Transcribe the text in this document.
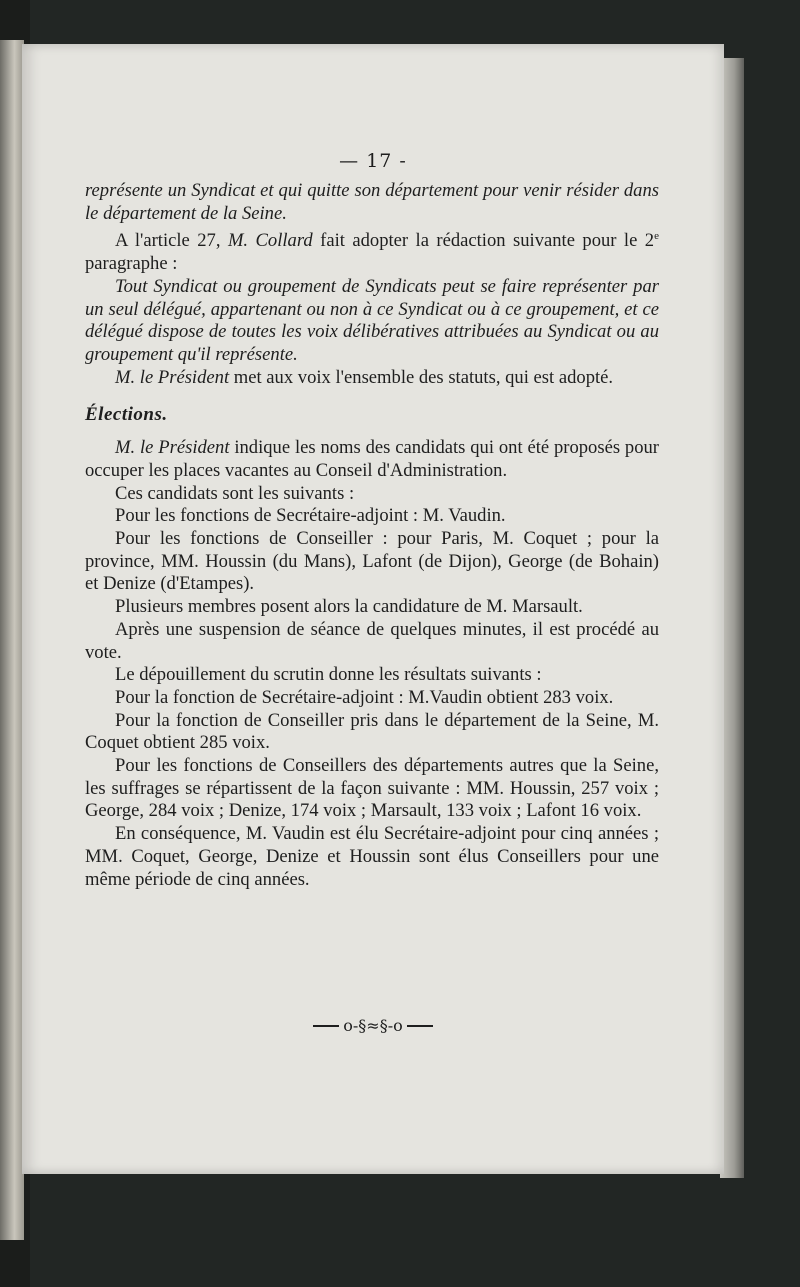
— 17 -

représente un Syndicat et qui quitte son département pour venir résider dans le département de la Seine.

A l'article 27, M. Collard fait adopter la rédaction suivante pour le 2e paragraphe :

Tout Syndicat ou groupement de Syndicats peut se faire représenter par un seul délégué, appartenant ou non à ce Syndicat ou à ce groupement, et ce délégué dispose de toutes les voix délibératives attribuées au Syndicat ou au groupement qu'il représente.

M. le Président met aux voix l'ensemble des statuts, qui est adopté.

Élections.

M. le Président indique les noms des candidats qui ont été proposés pour occuper les places vacantes au Conseil d'Administration.

Ces candidats sont les suivants :

Pour les fonctions de Secrétaire-adjoint : M. Vaudin.

Pour les fonctions de Conseiller : pour Paris, M. Coquet ; pour la province, MM. Houssin (du Mans), Lafont (de Dijon), George (de Bohain) et Denize (d'Etampes).

Plusieurs membres posent alors la candidature de M. Marsault.

Après une suspension de séance de quelques minutes, il est procédé au vote.

Le dépouillement du scrutin donne les résultats suivants :

Pour la fonction de Secrétaire-adjoint : M.Vaudin obtient 283 voix.

Pour la fonction de Conseiller pris dans le département de la Seine, M. Coquet obtient 285 voix.

Pour les fonctions de Conseillers des départements autres que la Seine, les suffrages se répartissent de la façon suivante : MM. Houssin, 257 voix ; George, 284 voix ; Denize, 174 voix ; Marsault, 133 voix ; Lafont 16 voix.

En conséquence, M. Vaudin est élu Secrétaire-adjoint pour cinq années ; MM. Coquet, George, Denize et Houssin sont élus Conseillers pour une même période de cinq années.

o-§≈§-o
